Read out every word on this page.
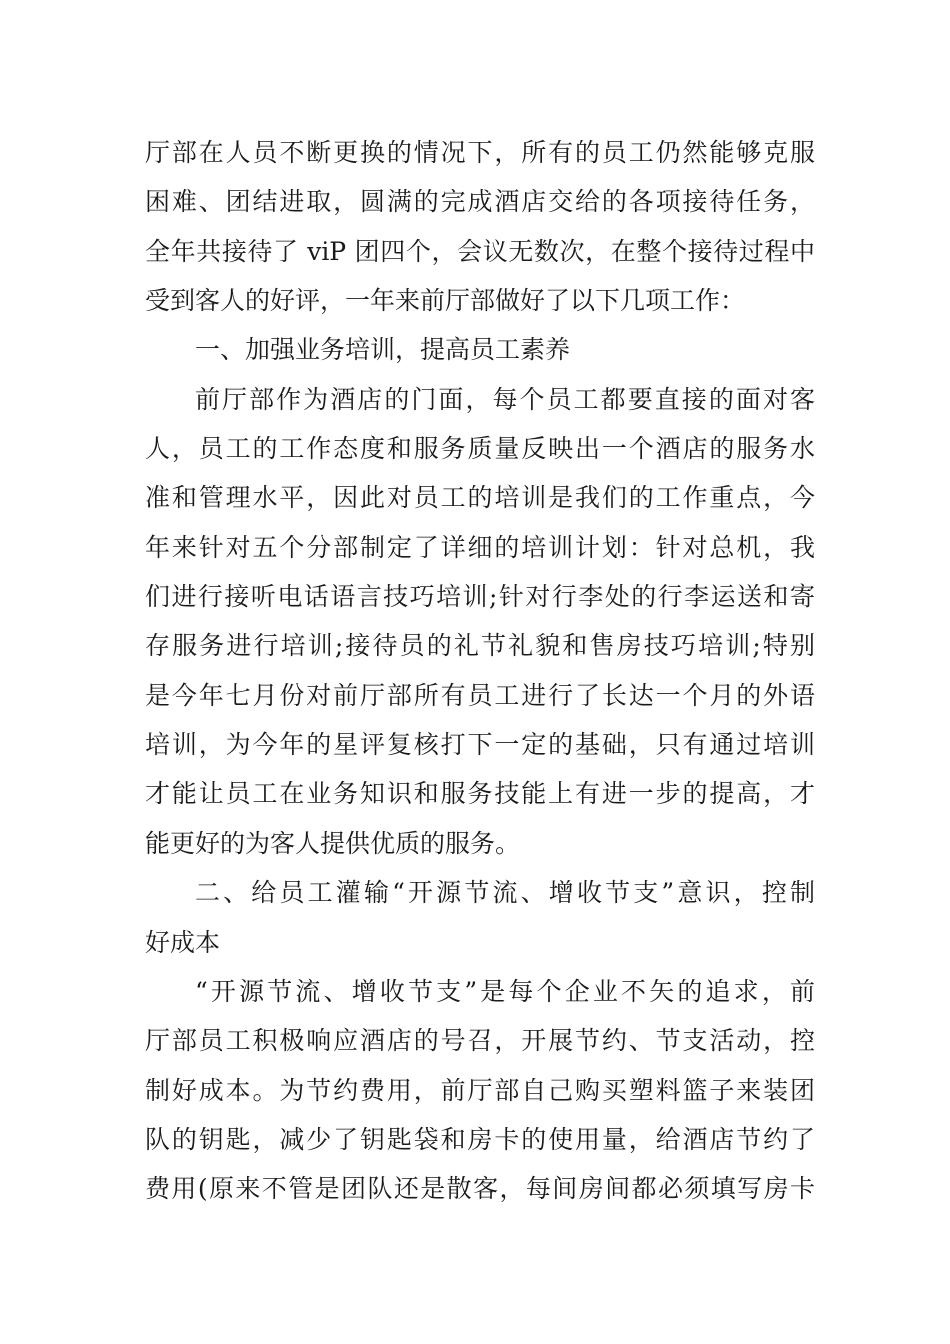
厅部在人员不断更换的情况下，所有的员工仍然能够克服
困难、团结进取，圆满的完成酒店交给的各项接待任务，
全年共接待了 viP 团四个，会议无数次，在整个接待过程中
受到客人的好评，一年来前厅部做好了以下几项工作：
一、加强业务培训，提高员工素养
前厅部作为酒店的门面，每个员工都要直接的面对客
人，员工的工作态度和服务质量反映出一个酒店的服务水
准和管理水平，因此对员工的培训是我们的工作重点，今
年来针对五个分部制定了详细的培训计划：针对总机，我
们进行接听电话语言技巧培训;针对行李处的行李运送和寄
存服务进行培训;接待员的礼节礼貌和售房技巧培训;特别
是今年七月份对前厅部所有员工进行了长达一个月的外语
培训，为今年的星评复核打下一定的基础，只有通过培训
才能让员工在业务知识和服务技能上有进一步的提高，才
能更好的为客人提供优质的服务。
二、给员工灌输“开源节流、增收节支”意识，控制
好成本
“开源节流、增收节支”是每个企业不矢的追求，前
厅部员工积极响应酒店的号召，开展节约、节支活动，控
制好成本。为节约费用，前厅部自己购买塑料篮子来装团
队的钥匙，减少了钥匙袋和房卡的使用量，给酒店节约了
费用(原来不管是团队还是散客，每间房间都必须填写房卡
